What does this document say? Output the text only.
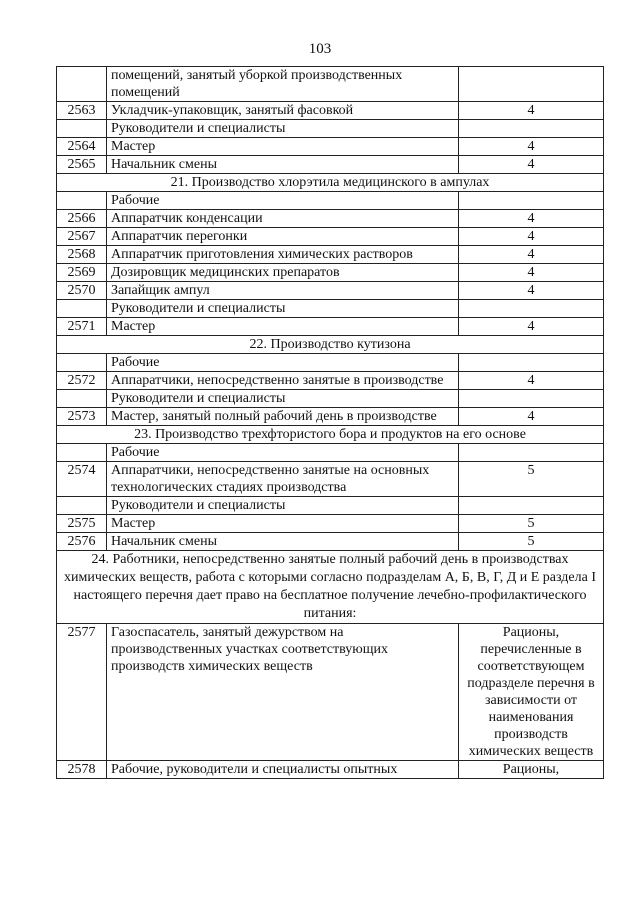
103
	помещений, занятый уборкой производственных помещений	
2563	Укладчик-упаковщик, занятый фасовкой	4
	Руководители и специалисты	
2564	Мастер	4
2565	Начальник смены	4
21. Производство хлорэтила медицинского в ампулах		
	Рабочие	
2566	Аппаратчик конденсации	4
2567	Аппаратчик перегонки	4
2568	Аппаратчик приготовления химических растворов	4
2569	Дозировщик медицинских препаратов	4
2570	Запайщик ампул	4
	Руководители и специалисты	
2571	Мастер	4
22. Производство кутизона		
	Рабочие	
2572	Аппаратчики, непосредственно занятые в производстве	4
	Руководители и специалисты	
2573	Мастер, занятый полный рабочий день в производстве	4
23. Производство трехфтористого бора и продуктов на его основе		
	Рабочие	
2574	Аппаратчики, непосредственно занятые на основных технологических стадиях производства	5
	Руководители и специалисты	
2575	Мастер	5
2576	Начальник смены	5
24. Работники, непосредственно занятые полный рабочий день в производствах химических веществ, работа с которыми согласно подразделам А, Б, В, Г, Д и Е раздела I настоящего перечня дает право на бесплатное получение лечебно-профилактического питания:		
2577	Газоспасатель, занятый дежурством на производственных участках соответствующих производств химических веществ	Рационы, перечисленные в соответствующем подразделе перечня в зависимости от наименования производств химических веществ
2578	Рабочие, руководители и специалисты опытных	Рационы,
